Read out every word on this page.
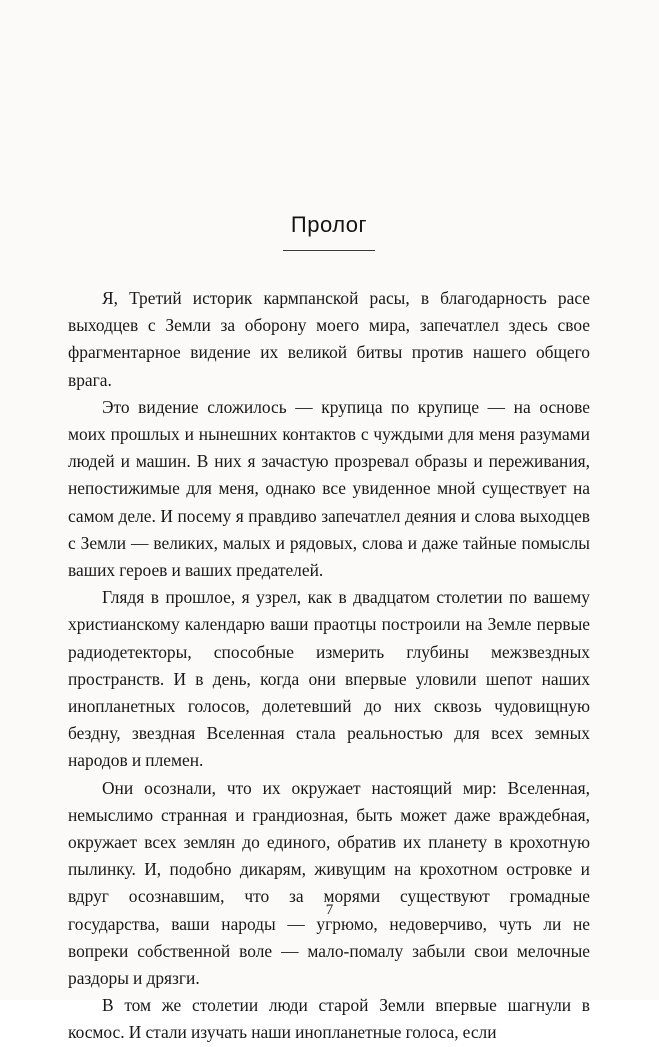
Пролог

Я, Третий историк кармпанской расы, в благодарность расе выходцев с Земли за оборону моего мира, запечатлел здесь свое фрагментарное видение их великой битвы против нашего общего врага.

Это видение сложилось — крупица по крупице — на основе моих прошлых и нынешних контактов с чуждыми для меня разумами людей и машин. В них я зачастую прозревал образы и переживания, непостижимые для меня, однако все увиденное мной существует на самом деле. И посему я правдиво запечатлел деяния и слова выходцев с Земли — великих, малых и рядовых, слова и даже тайные помыслы ваших героев и ваших предателей.

Глядя в прошлое, я узрел, как в двадцатом столетии по вашему христианскому календарю ваши праотцы построили на Земле первые радиодетекторы, способные измерить глубины межзвездных пространств. И в день, когда они впервые уловили шепот наших инопланетных голосов, долетевший до них сквозь чудовищную бездну, звездная Вселенная стала реальностью для всех земных народов и племен.

Они осознали, что их окружает настоящий мир: Вселенная, немыслимо странная и грандиозная, быть может даже враждебная, окружает всех землян до единого, обратив их планету в крохотную пылинку. И, подобно дикарям, живущим на крохотном островке и вдруг осознавшим, что за морями существуют громадные государства, ваши народы — угрюмо, недоверчиво, чуть ли не вопреки собственной воле — мало-помалу забыли свои мелочные раздоры и дрязги.

В том же столетии люди старой Земли впервые шагнули в космос. И стали изучать наши инопланетные голоса, если

7
